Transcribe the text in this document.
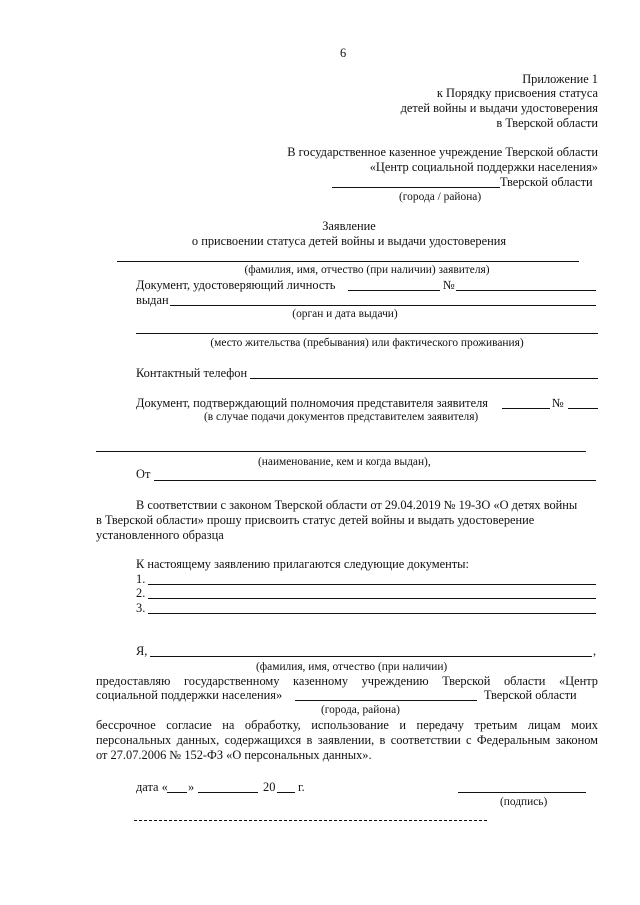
6
Приложение 1
к Порядку присвоения статуса
детей войны и выдачи удостоверения
в Тверской области
В государственное казенное учреждение Тверской области
«Центр социальной поддержки населения»
Тверской области
(города / района)
Заявление
о присвоении статуса детей войны и выдачи удостоверения
(фамилия, имя, отчество (при наличии) заявителя)
Документ, удостоверяющий личность	№
выдан
(орган и дата выдачи)
(место жительства (пребывания) или фактического проживания)
Контактный телефон
Документ, подтверждающий полномочия представителя заявителя	№
(в случае подачи документов представителем заявителя)
(наименование, кем и когда выдан),
От
В соответствии с законом Тверской области от 29.04.2019 № 19-ЗО «О детях войны
в Тверской области» прошу присвоить статус детей войны и выдать удостоверение
установленного образца
К настоящему заявлению прилагаются следующие документы:
1.
2.
3.
Я,	,
(фамилия, имя, отчество (при наличии)
предоставляю государственному казенному учреждению Тверской области «Центр
социальной поддержки населения»	Тверской области
(города, района)
бессрочное согласие на обработку, использование и передачу третьим лицам моих
персональных данных, содержащихся в заявлении, в соответствии с Федеральным законом
от 27.07.2006 № 152-ФЗ «О персональных данных».
дата « »	20 г.
(подпись)
